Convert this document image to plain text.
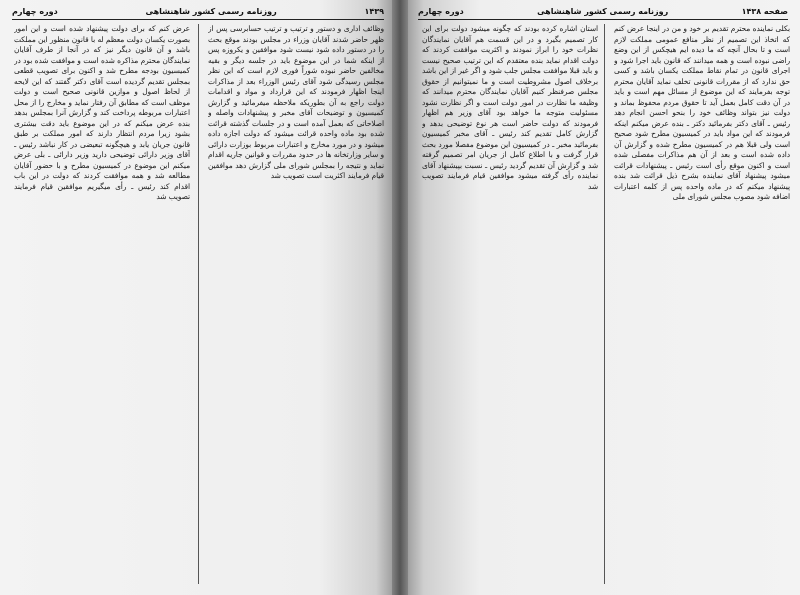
۱۴۳۹
روزنامه رسمی کشور شاهنشاهی
دوره چهارم
وظائف اداری و دستور و ترتیب و ترتیب حسابرسی پس از ظهر حاضر شدند آقایان وزراء در مجلس بودند موقع بحث را در دستور داده شود نیست شود موافقین و یکروزه پس از اینکه شما در این موضوع باید در جلسه دیگر و بقیه مخالفین حاضر نبوده شوراً فوری لازم است که این نظر مجلس رسیدگی شود آقای رئیس الوزراء بعد از مذاکرات اینجا اظهار فرمودند که این قرارداد و مواد و اقدامات دولت راجع به آن بطوریکه ملاحظه میفرمائید و گزارش کمیسیون و توضیحات آقای مخبر و پیشنهادات واصله و اصلاحاتی که بعمل آمده است و در جلسات گذشته قرائت شده بود ماده واحده قرائت میشود که دولت اجازه داده میشود و در مورد مخارج و اعتبارات مربوط بوزارت دارائی و سایر وزارتخانه ها در حدود مقررات و قوانین جاریه اقدام نماید و نتیجه را بمجلس شورای ملی گزارش دهد موافقین قیام فرمایند اکثریت است تصویب شد
عرض کنم که برای دولت پیشنهاد شده است و این امور بصورت یکسان دولت معظم له با قانون منظور این مملکت باشد و آن قانون دیگر نیز که در آنجا از طرف آقایان نمایندگان محترم مذاکره شده است و موافقت شده بود در کمیسیون بودجه مطرح شد و اکنون برای تصویب قطعی بمجلس تقدیم گردیده است آقای دکتر گفتند که این لایحه از لحاظ اصول و موازین قانونی صحیح است و دولت موظف است که مطابق آن رفتار نماید و مخارج را از محل اعتبارات مربوطه پرداخت کند و گزارش آنرا بمجلس بدهد بنده عرض میکنم که در این موضوع باید دقت بیشتری بشود زیرا مردم انتظار دارند که امور مملکت بر طبق قانون جریان یابد و هیچگونه تبعیضی در کار نباشد رئیس ـ آقای وزیر دارائی توضیحی دارید وزیر دارائی ـ بلی عرض میکنم این موضوع در کمیسیون مطرح و با حضور آقایان مطالعه شد و همه موافقت کردند که دولت در این باب اقدام کند رئیس ـ رأی میگیریم موافقین قیام فرمایند تصویب شد
صفحه ۱۴۳۸
روزنامه رسمی کشور شاهنشاهی
دوره چهارم
بکلی نماینده محترم تقدیم بر خود و من در اینجا عرض کنم که اتخاذ این تصمیم از نظر منافع عمومی مملکت لازم است و تا بحال آنچه که ما دیده ایم هیچکس از این وضع راضی نبوده است و همه میدانند که قانون باید اجرا شود و اجرای قانون در تمام نقاط مملکت یکسان باشد و کسی حق ندارد که از مقررات قانونی تخلف نماید آقایان محترم توجه بفرمایند که این موضوع از مسائل مهم است و باید در آن دقت کامل بعمل آید تا حقوق مردم محفوظ بماند و دولت نیز بتواند وظائف خود را بنحو احسن انجام دهد رئیس ـ آقای دکتر بفرمائید دکتر ـ بنده عرض میکنم اینکه فرمودند که این مواد باید در کمیسیون مطرح شود صحیح است ولی قبلا هم در کمیسیون مطرح شده و گزارش آن داده شده است و بعد از آن هم مذاکرات مفصلی شده است و اکنون موقع رأی است رئیس ـ پیشنهادات قرائت میشود پیشنهاد آقای نماینده بشرح ذیل قرائت شد بنده پیشنهاد میکنم که در ماده واحده پس از کلمه اعتبارات اضافه شود مصوب مجلس شورای ملی
استان اشاره کرده بودند که چگونه میشود دولت برای این کار تصمیم بگیرد و در این قسمت هم آقایان نمایندگان نظرات خود را ابراز نمودند و اکثریت موافقت کردند که دولت اقدام نماید بنده معتقدم که این ترتیب صحیح نیست و باید قبلا موافقت مجلس جلب شود و اگر غیر از این باشد برخلاف اصول مشروطیت است و ما نمیتوانیم از حقوق مجلس صرفنظر کنیم آقایان نمایندگان محترم میدانند که وظیفه ما نظارت در امور دولت است و اگر نظارت نشود مسئولیت متوجه ما خواهد بود آقای وزیر هم اظهار فرمودند که دولت حاضر است هر نوع توضیحی بدهد و گزارش کامل تقدیم کند رئیس ـ آقای مخبر کمیسیون بفرمائید مخبر ـ در کمیسیون این موضوع مفصلا مورد بحث قرار گرفت و با اطلاع کامل از جریان امر تصمیم گرفته شد و گزارش آن تقدیم گردید رئیس ـ نسبت بپیشنهاد آقای نماینده رأی گرفته میشود موافقین قیام فرمایند تصویب شد
